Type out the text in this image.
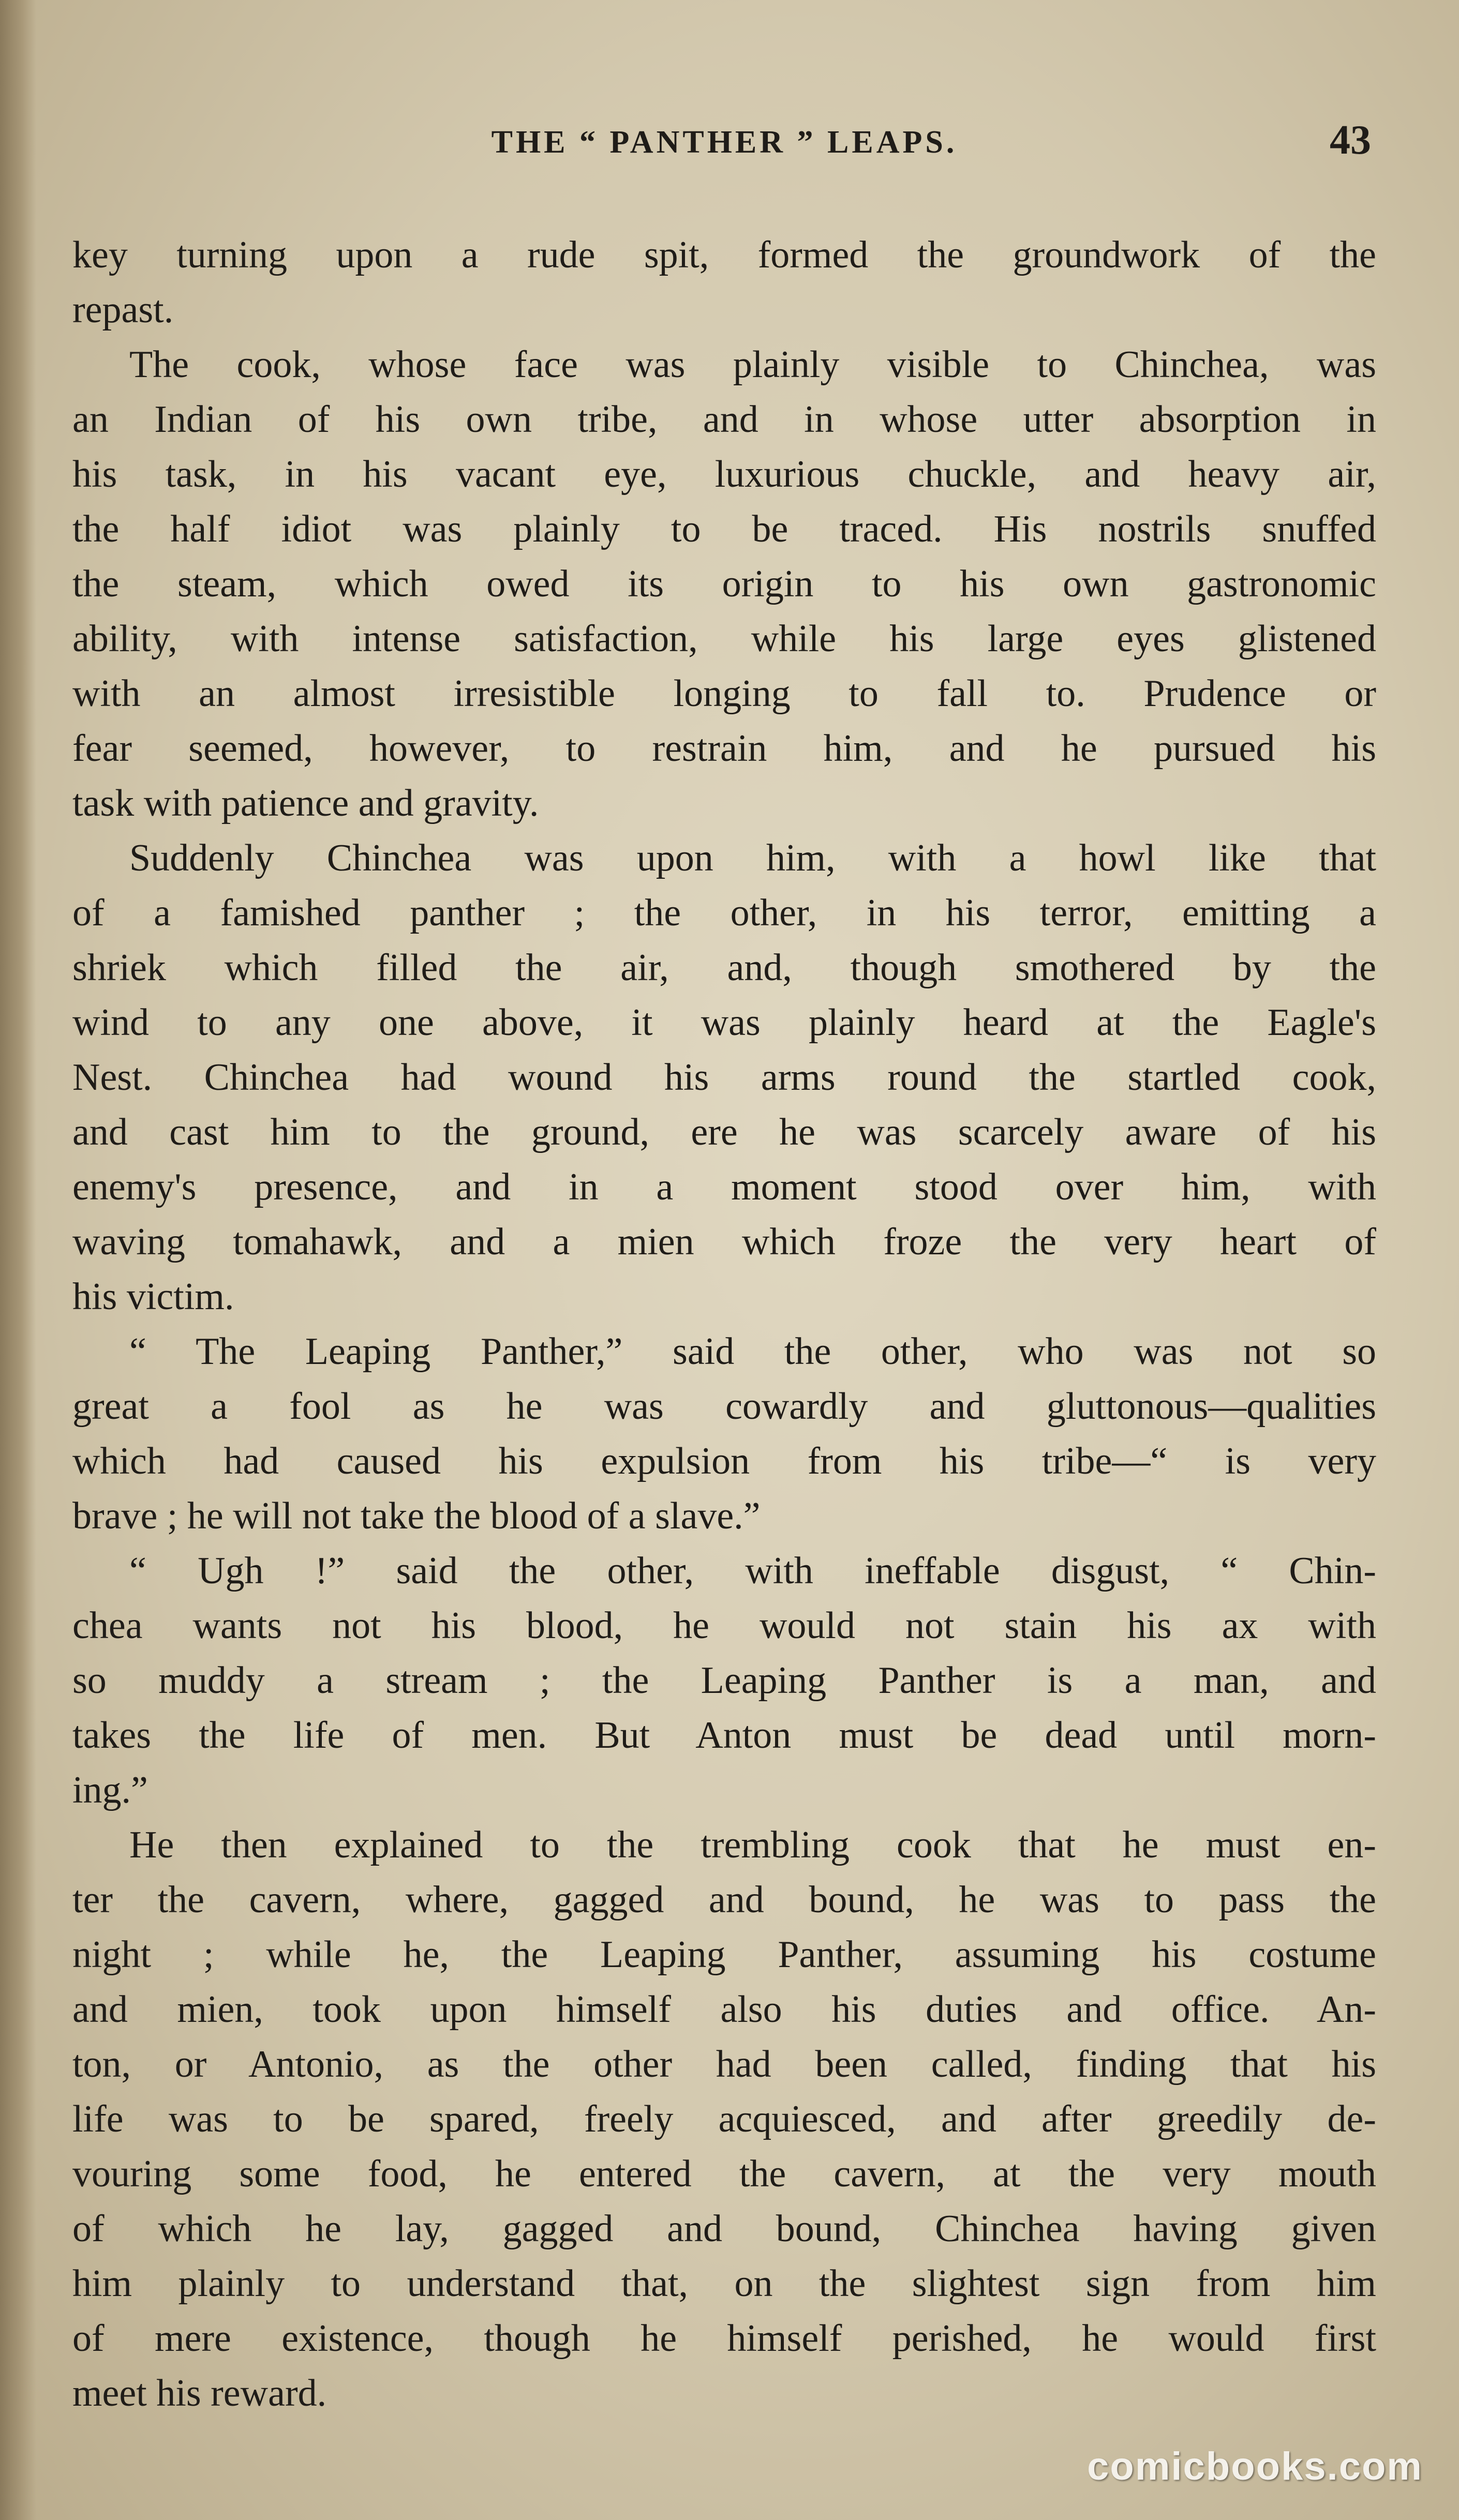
THE “ PANTHER ” LEAPS.	43
key turning upon a rude spit, formed the groundwork of the
repast.
The cook, whose face was plainly visible to Chinchea, was
an Indian of his own tribe, and in whose utter absorption in
his task, in his vacant eye, luxurious chuckle, and heavy air,
the half idiot was plainly to be traced. His nostrils snuffed
the steam, which owed its origin to his own gastronomic
ability, with intense satisfaction, while his large eyes glistened
with an almost irresistible longing to fall to. Prudence or
fear seemed, however, to restrain him, and he pursued his
task with patience and gravity.
Suddenly Chinchea was upon him, with a howl like that
of a famished panther ; the other, in his terror, emitting a
shriek which filled the air, and, though smothered by the
wind to any one above, it was plainly heard at the Eagle's
Nest. Chinchea had wound his arms round the startled cook,
and cast him to the ground, ere he was scarcely aware of his
enemy's presence, and in a moment stood over him, with
waving tomahawk, and a mien which froze the very heart of
his victim.
“ The Leaping Panther,” said the other, who was not so
great a fool as he was cowardly and gluttonous—qualities
which had caused his expulsion from his tribe—“ is very
brave ; he will not take the blood of a slave.”
“ Ugh !” said the other, with ineffable disgust, “ Chin-
chea wants not his blood, he would not stain his ax with
so muddy a stream ; the Leaping Panther is a man, and
takes the life of men. But Anton must be dead until morn-
ing.”
He then explained to the trembling cook that he must en-
ter the cavern, where, gagged and bound, he was to pass the
night ; while he, the Leaping Panther, assuming his costume
and mien, took upon himself also his duties and office. An-
ton, or Antonio, as the other had been called, finding that his
life was to be spared, freely acquiesced, and after greedily de-
vouring some food, he entered the cavern, at the very mouth
of which he lay, gagged and bound, Chinchea having given
him plainly to understand that, on the slightest sign from him
of mere existence, though he himself perished, he would first
meet his reward.
comicbooks.com
